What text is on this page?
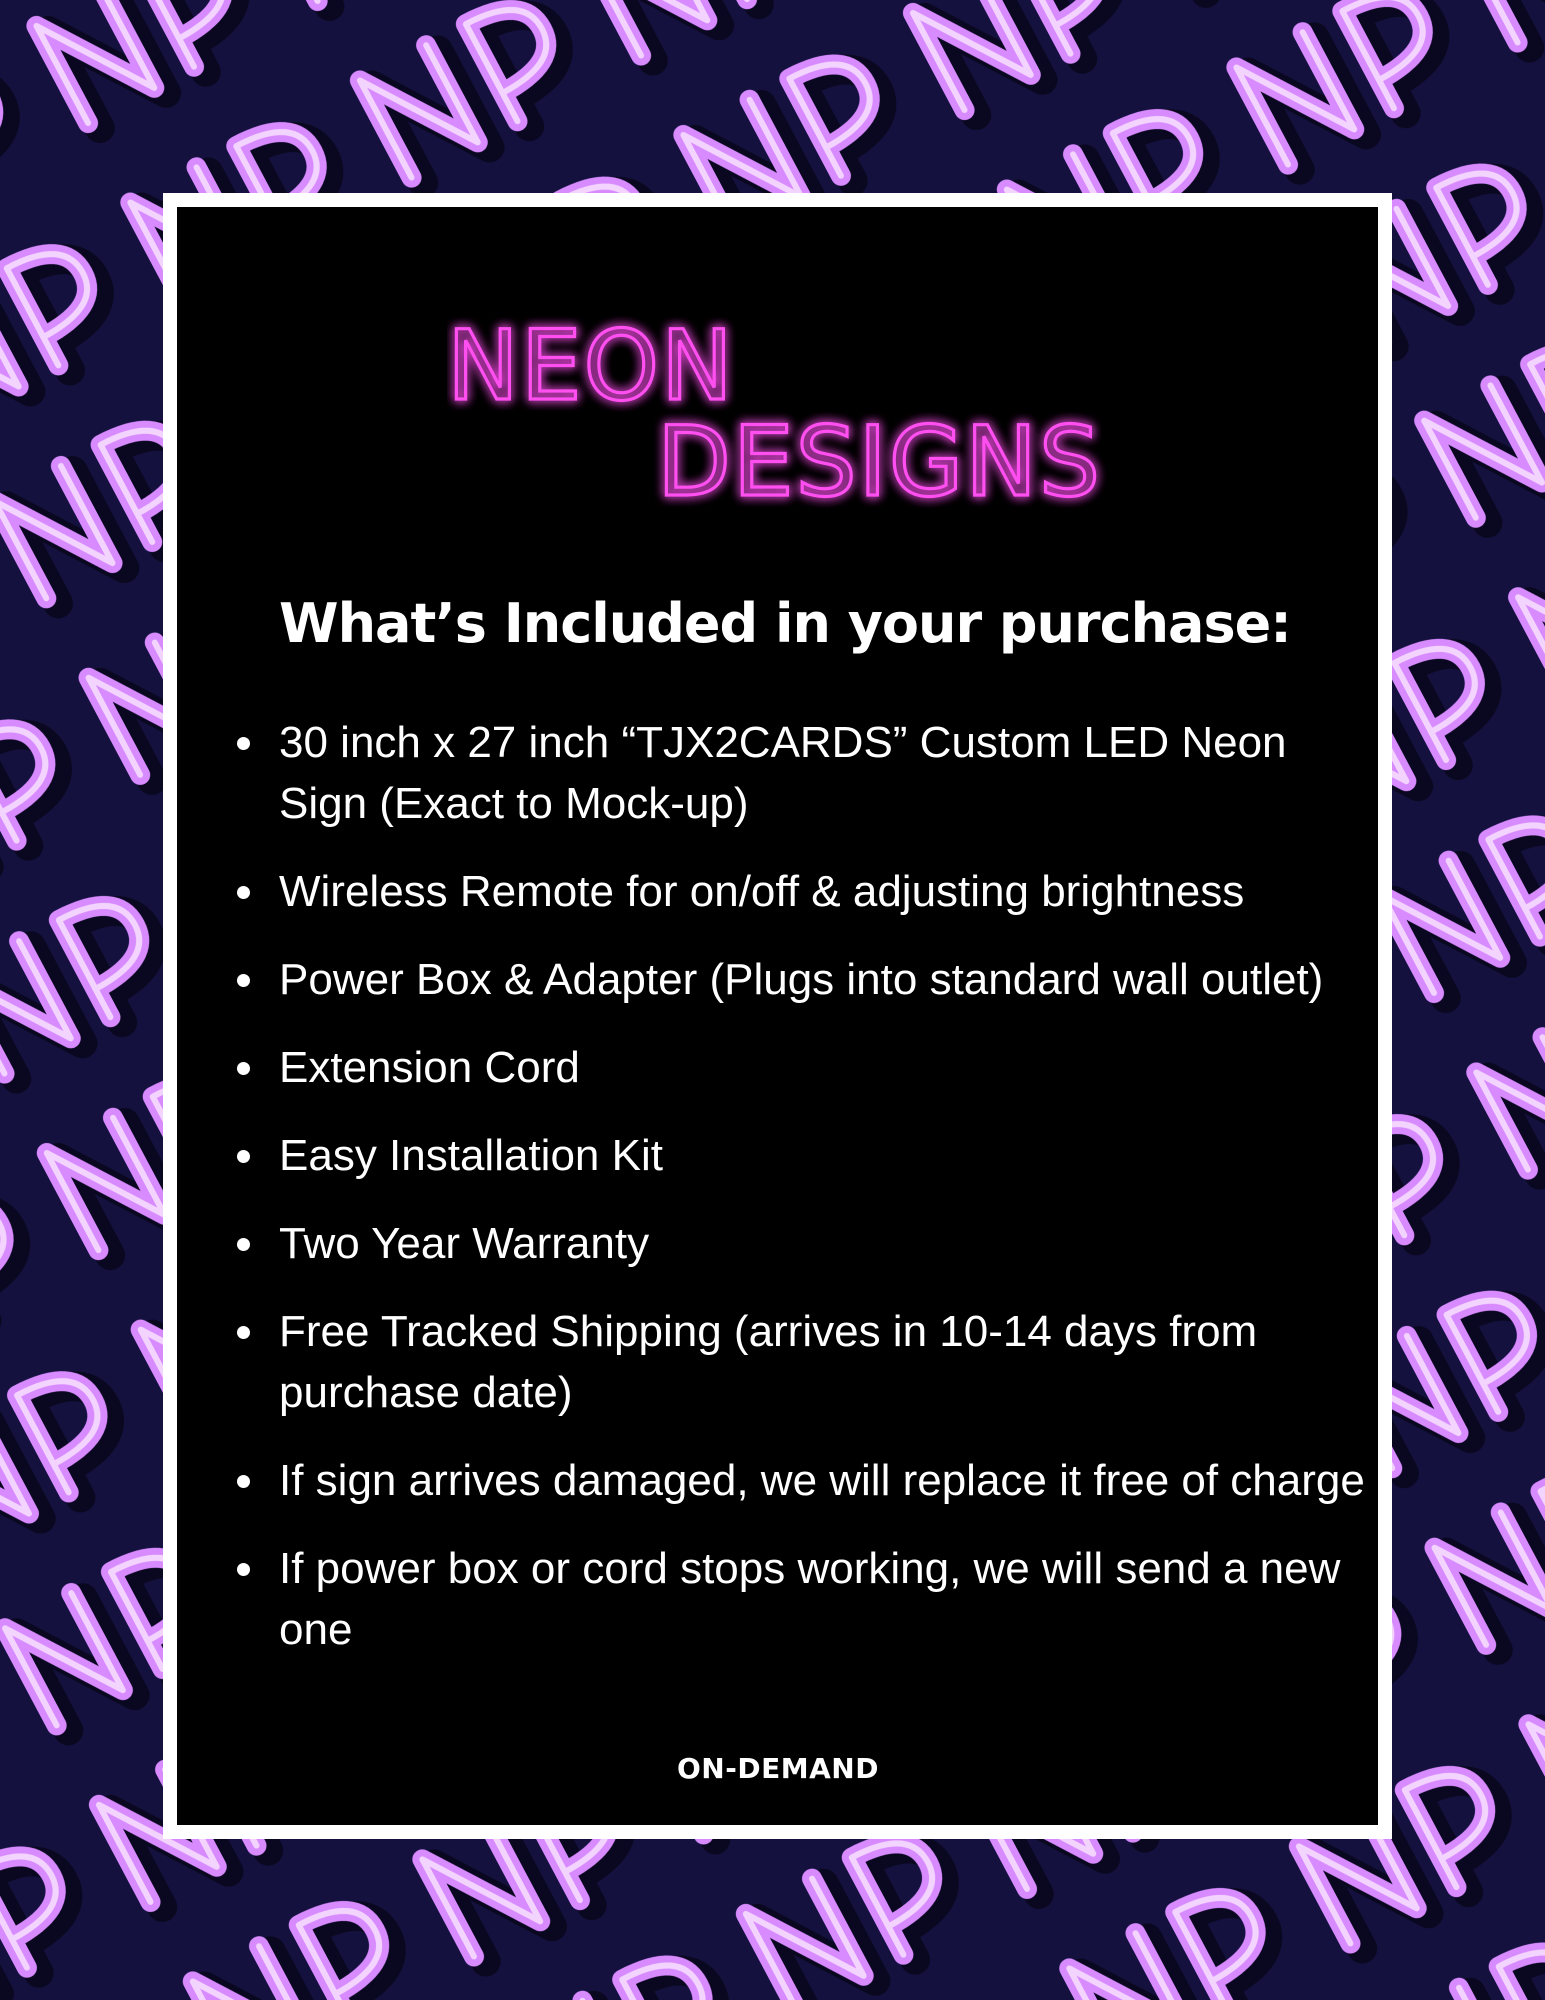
NEON
DESIGNS
What’s Included in your purchase:
30 inch x 27 inch “TJX2CARDS” Custom LED Neon Sign (Exact to Mock-up)
Wireless Remote for on/off & adjusting brightness
Power Box & Adapter (Plugs into standard wall outlet)
Extension Cord
Easy Installation Kit
Two Year Warranty
Free Tracked Shipping (arrives in 10-14 days from purchase date)
If sign arrives damaged, we will replace it free of charge
If power box or cord stops working, we will send a new one
ON-DEMAND
